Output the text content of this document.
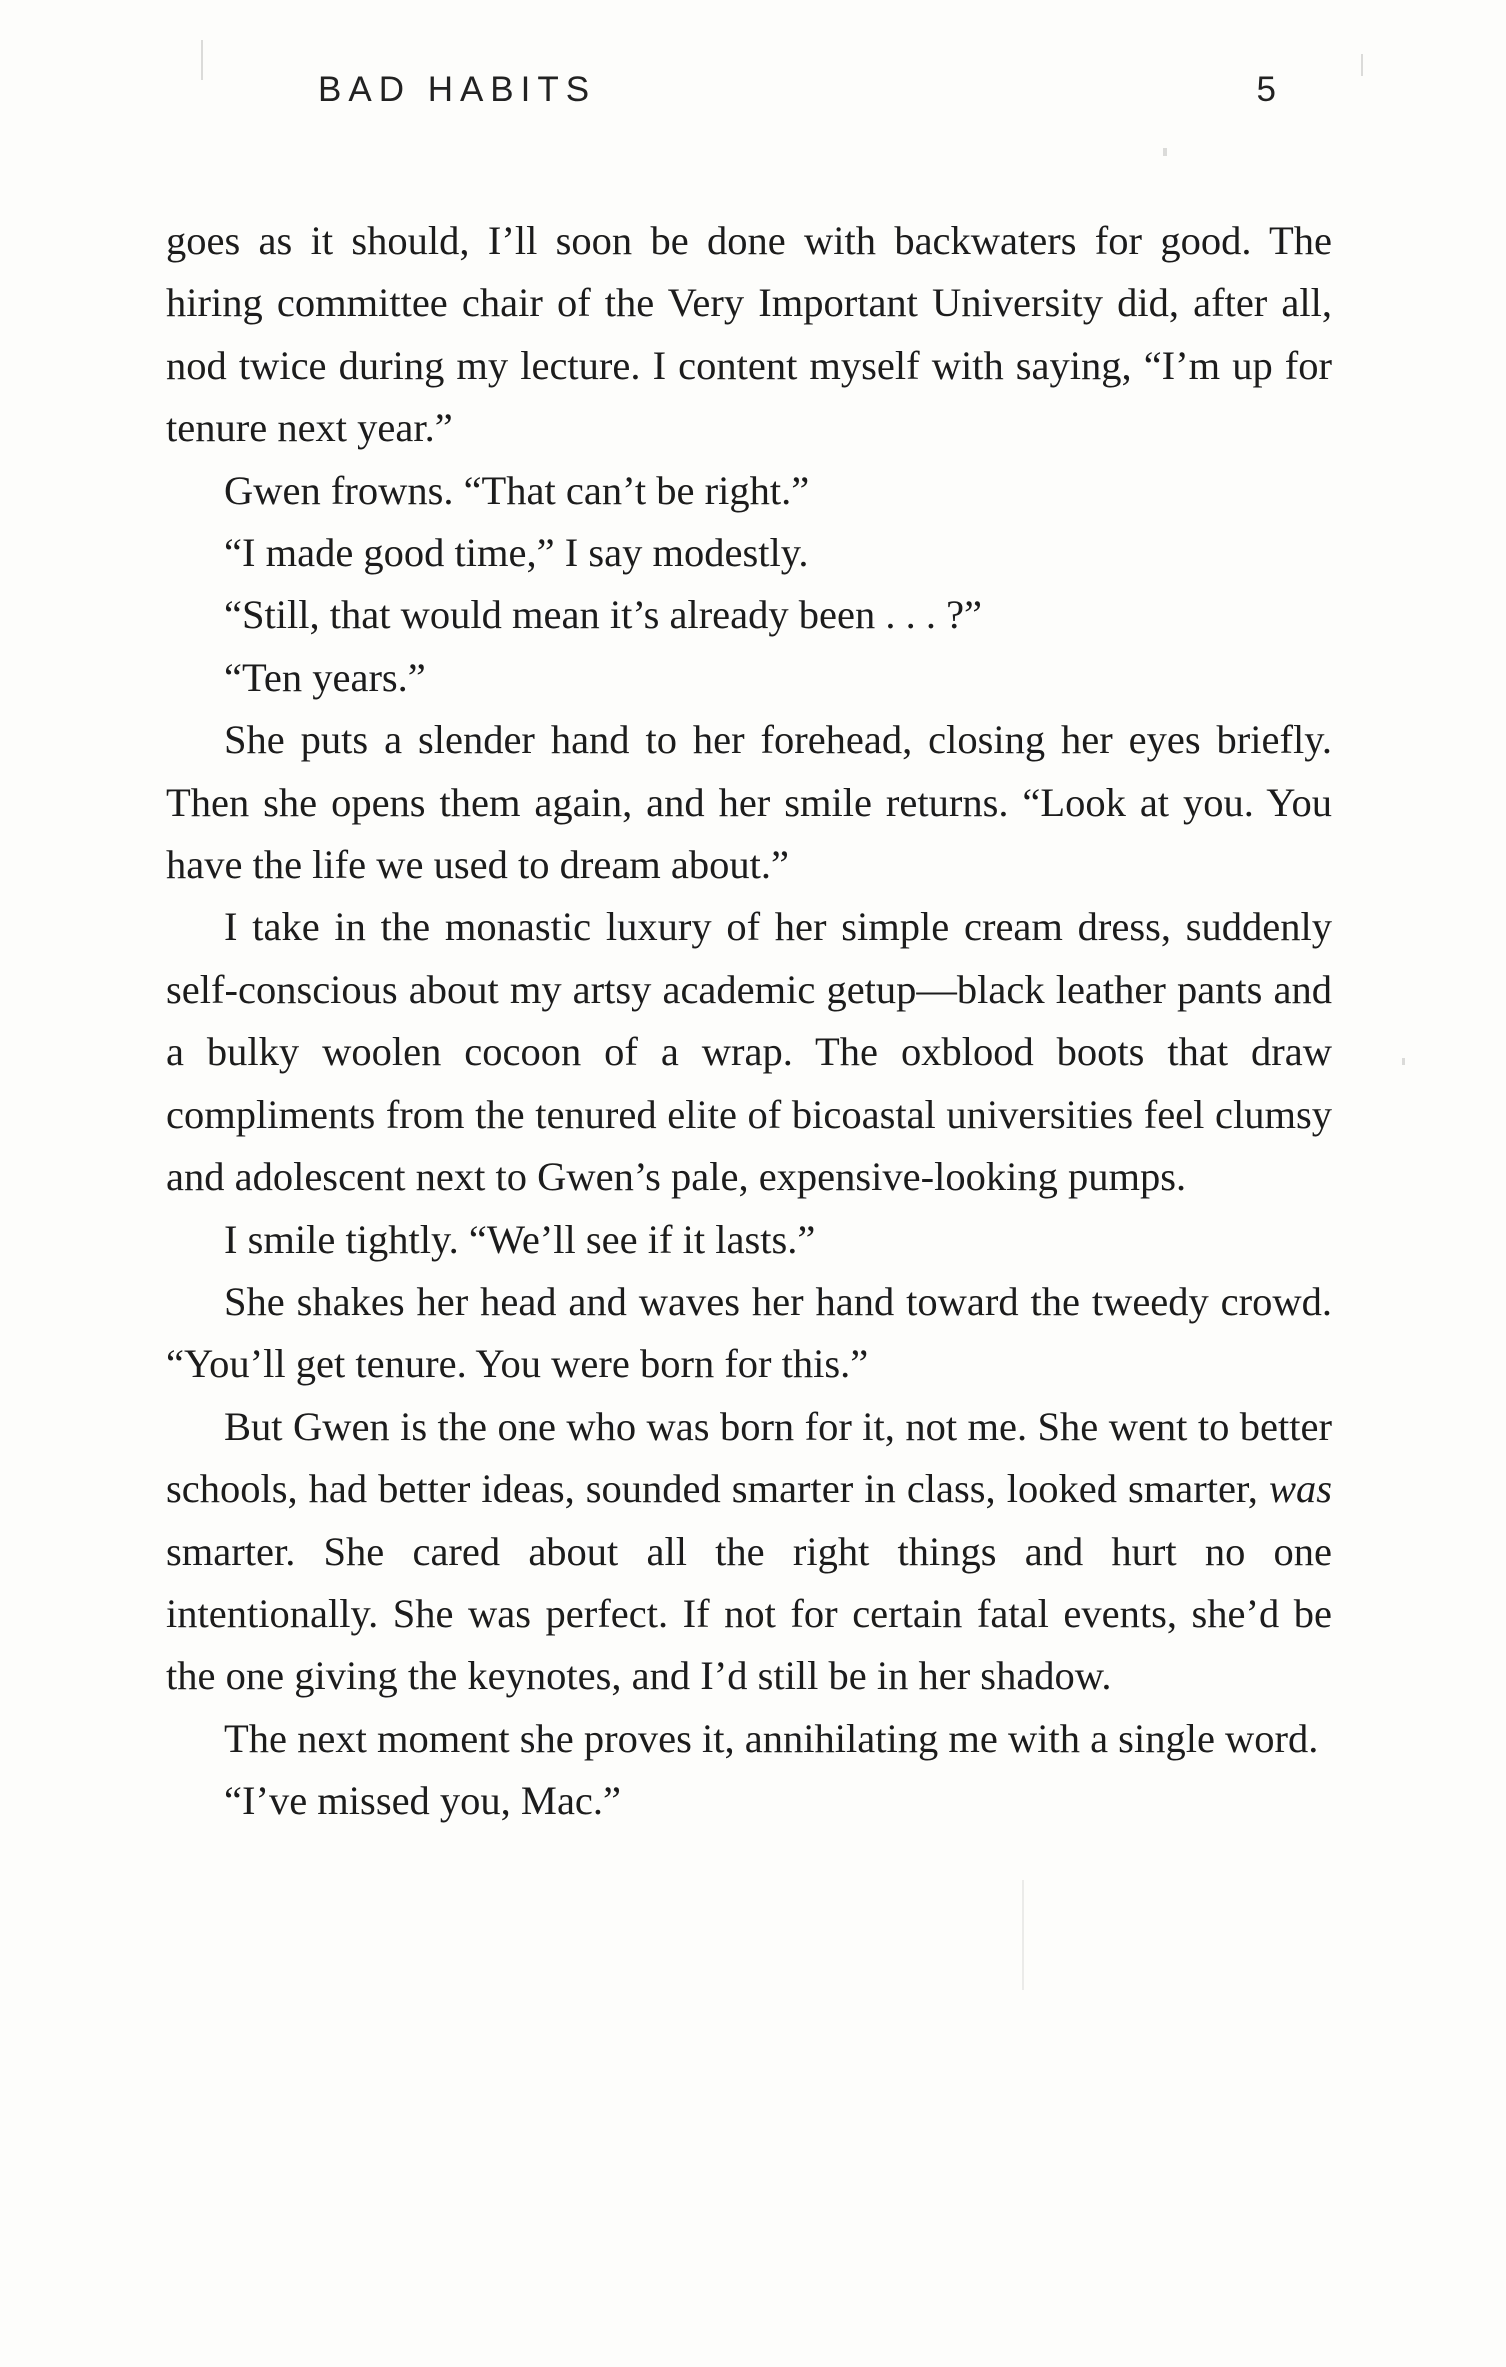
BAD HABITS	5

goes as it should, I’ll soon be done with backwaters for good. The hiring committee chair of the Very Important University did, after all, nod twice during my lecture. I content myself with saying, “I’m up for tenure next year.”

Gwen frowns. “That can’t be right.”

“I made good time,” I say modestly.

“Still, that would mean it’s already been . . . ?”

“Ten years.”

She puts a slender hand to her forehead, closing her eyes briefly. Then she opens them again, and her smile returns. “Look at you. You have the life we used to dream about.”

I take in the monastic luxury of her simple cream dress, suddenly self-conscious about my artsy academic getup—black leather pants and a bulky woolen cocoon of a wrap. The oxblood boots that draw compliments from the tenured elite of bicoastal universities feel clumsy and adolescent next to Gwen’s pale, expensive-looking pumps.

I smile tightly. “We’ll see if it lasts.”

She shakes her head and waves her hand toward the tweedy crowd. “You’ll get tenure. You were born for this.”

But Gwen is the one who was born for it, not me. She went to better schools, had better ideas, sounded smarter in class, looked smarter, was smarter. She cared about all the right things and hurt no one intentionally. She was perfect. If not for certain fatal events, she’d be the one giving the keynotes, and I’d still be in her shadow.

The next moment she proves it, annihilating me with a single word.

“I’ve missed you, Mac.”
